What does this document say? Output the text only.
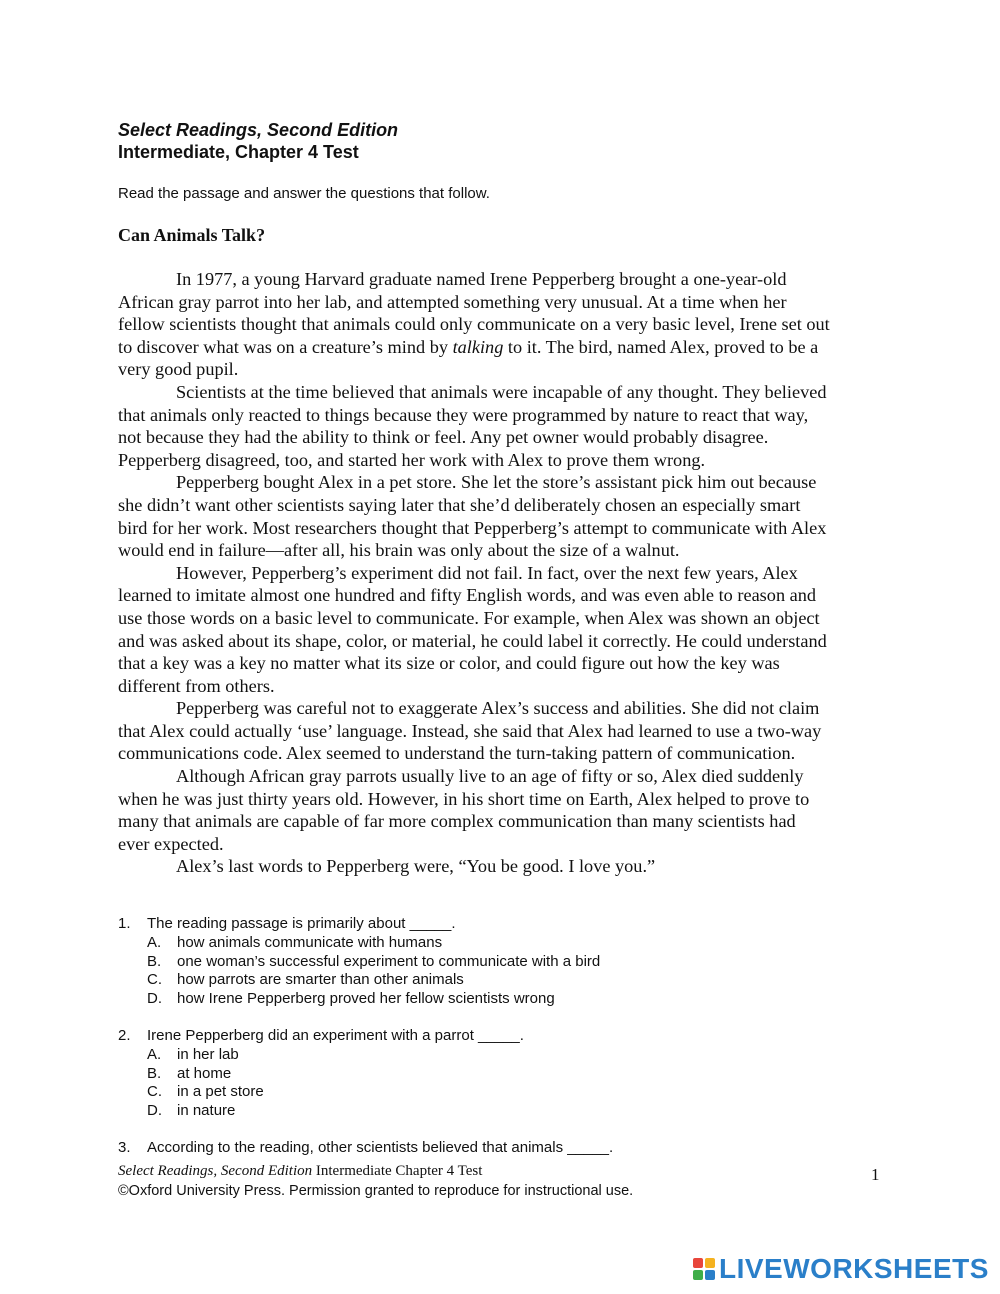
Select Readings, Second Edition
Intermediate, Chapter 4 Test
Read the passage and answer the questions that follow.
Can Animals Talk?

In 1977, a young Harvard graduate named Irene Pepperberg brought a one-year-old
African gray parrot into her lab, and attempted something very unusual. At a time when her
fellow scientists thought that animals could only communicate on a very basic level, Irene set out
to discover what was on a creature’s mind by talking to it. The bird, named Alex, proved to be a
very good pupil.

Scientists at the time believed that animals were incapable of any thought. They believed
that animals only reacted to things because they were programmed by nature to react that way,
not because they had the ability to think or feel. Any pet owner would probably disagree.
Pepperberg disagreed, too, and started her work with Alex to prove them wrong.

Pepperberg bought Alex in a pet store. She let the store’s assistant pick him out because
she didn’t want other scientists saying later that she’d deliberately chosen an especially smart
bird for her work. Most researchers thought that Pepperberg’s attempt to communicate with Alex
would end in failure—after all, his brain was only about the size of a walnut.

However, Pepperberg’s experiment did not fail. In fact, over the next few years, Alex
learned to imitate almost one hundred and fifty English words, and was even able to reason and
use those words on a basic level to communicate. For example, when Alex was shown an object
and was asked about its shape, color, or material, he could label it correctly. He could understand
that a key was a key no matter what its size or color, and could figure out how the key was
different from others.

Pepperberg was careful not to exaggerate Alex’s success and abilities. She did not claim
that Alex could actually ‘use’ language. Instead, she said that Alex had learned to use a two-way
communications code. Alex seemed to understand the turn-taking pattern of communication.

Although African gray parrots usually live to an age of fifty or so, Alex died suddenly
when he was just thirty years old. However, in his short time on Earth, Alex helped to prove to
many that animals are capable of far more complex communication than many scientists had
ever expected.

Alex’s last words to Pepperberg were, “You be good. I love you.”

1.	The reading passage is primarily about _____.
A.	how animals communicate with humans
B.	one woman’s successful experiment to communicate with a bird
C.	how parrots are smarter than other animals
D.	how Irene Pepperberg proved her fellow scientists wrong
2.	Irene Pepperberg did an experiment with a parrot _____.
A.	in her lab
B.	at home
C.	in a pet store
D.	in nature
3.	According to the reading, other scientists believed that animals _____.
Select Readings, Second Edition Intermediate Chapter 4 Test	1
©Oxford University Press. Permission granted to reproduce for instructional use.
LIVEWORKSHEETS
